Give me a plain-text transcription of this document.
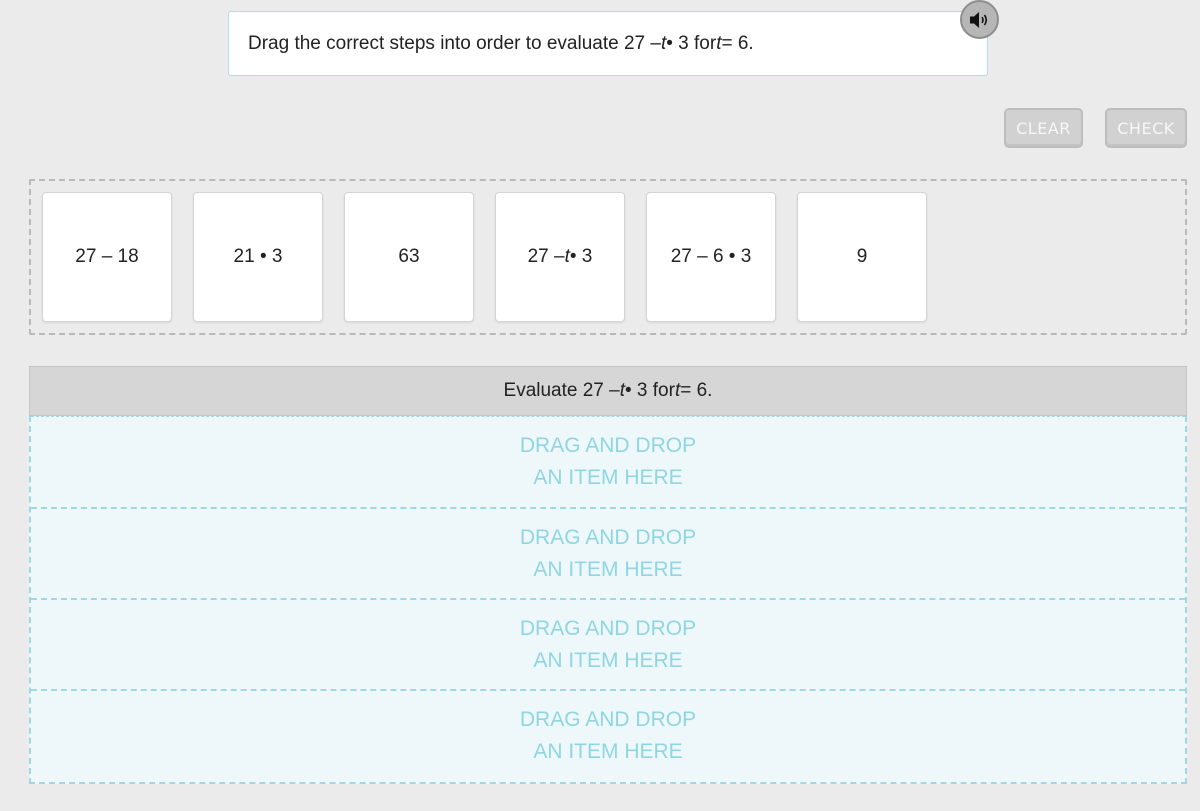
Drag the correct steps into order to evaluate 27 – t • 3 for t = 6.
CLEAR	CHECK
27 – 18	21 • 3	63	27 – t • 3	27 – 6 • 3	9
Evaluate 27 – t • 3 for t = 6.
DRAG AND DROP
AN ITEM HERE
DRAG AND DROP
AN ITEM HERE
DRAG AND DROP
AN ITEM HERE
DRAG AND DROP
AN ITEM HERE
